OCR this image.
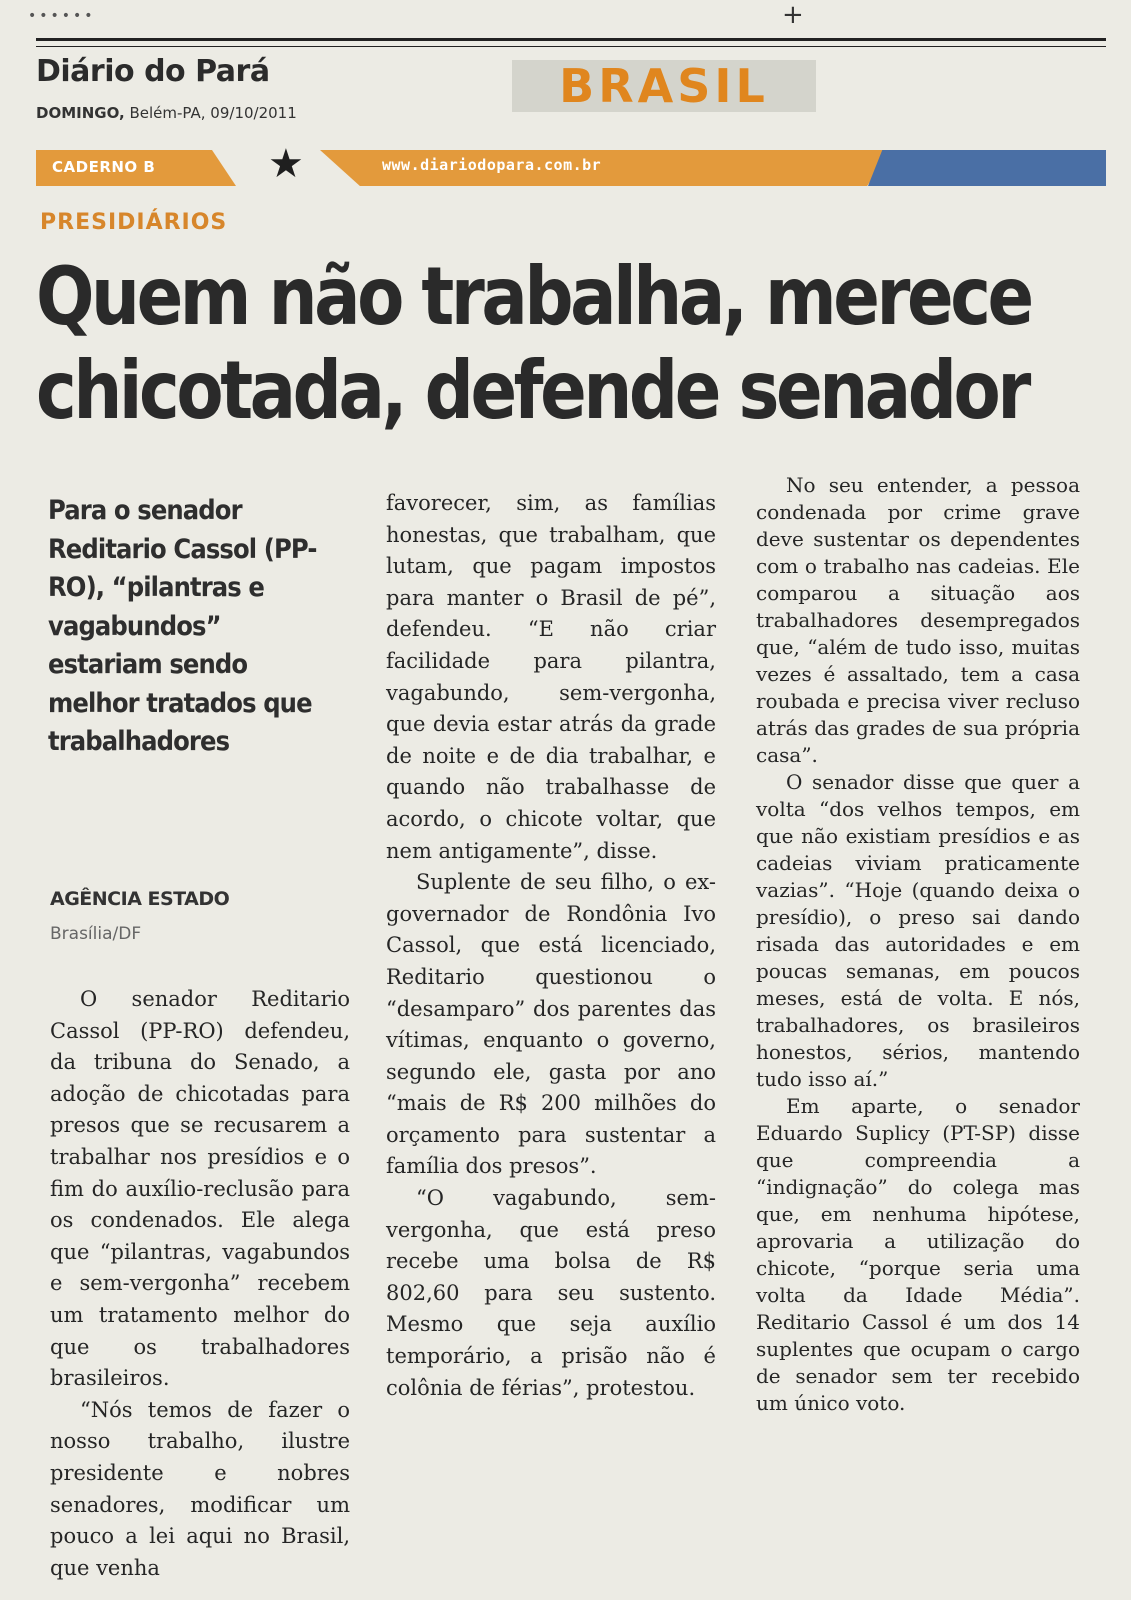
••••••	+
Diário do Pará
DOMINGO, Belém-PA, 09/10/2011	BRASIL
CADERNO B	★	www.diariodopara.com.br
PRESIDIÁRIOS
Quem não trabalha, merece
chicotada, defende senador
Para o senador Reditario Cassol (PP-RO), “pilantras e vagabundos” estariam sendo melhor tratados que trabalhadores
AGÊNCIA ESTADO
Brasília/DF

O senador Reditario Cassol (PP-RO) defendeu, da tribuna do Senado, a adoção de chicotadas para presos que se recusarem a trabalhar nos presídios e o fim do auxílio-reclusão para os condenados. Ele alega que “pilantras, vagabundos e sem-vergonha” recebem um tratamento melhor do que os trabalhadores brasileiros.

“Nós temos de fazer o nosso trabalho, ilustre presidente e nobres senadores, modificar um pouco a lei aqui no Brasil, que venha

favorecer, sim, as famílias honestas, que trabalham, que lutam, que pagam impostos para manter o Brasil de pé”, defendeu. “E não criar facilidade para pilantra, vagabundo, sem-vergonha, que devia estar atrás da grade de noite e de dia trabalhar, e quando não trabalhasse de acordo, o chicote voltar, que nem antigamente”, disse.

Suplente de seu filho, o ex-governador de Rondônia Ivo Cassol, que está licenciado, Reditario questionou o “desamparo” dos parentes das vítimas, enquanto o governo, segundo ele, gasta por ano “mais de R$ 200 milhões do orçamento para sustentar a família dos presos”.

“O vagabundo, sem-vergonha, que está preso recebe uma bolsa de R$ 802,60 para seu sustento. Mesmo que seja auxílio temporário, a prisão não é colônia de férias”, protestou.

No seu entender, a pessoa condenada por crime grave deve sustentar os dependentes com o trabalho nas cadeias. Ele comparou a situação aos trabalhadores desempregados que, “além de tudo isso, muitas vezes é assaltado, tem a casa roubada e precisa viver recluso atrás das grades de sua própria casa”.

O senador disse que quer a volta “dos velhos tempos, em que não existiam presídios e as cadeias viviam praticamente vazias”. “Hoje (quando deixa o presídio), o preso sai dando risada das autoridades e em poucas semanas, em poucos meses, está de volta. E nós, trabalhadores, os brasileiros honestos, sérios, mantendo tudo isso aí.”

Em aparte, o senador Eduardo Suplicy (PT-SP) disse que compreendia a “indignação” do colega mas que, em nenhuma hipótese, aprovaria a utilização do chicote, “porque seria uma volta da Idade Média”. Reditario Cassol é um dos 14 suplentes que ocupam o cargo de senador sem ter recebido um único voto.
